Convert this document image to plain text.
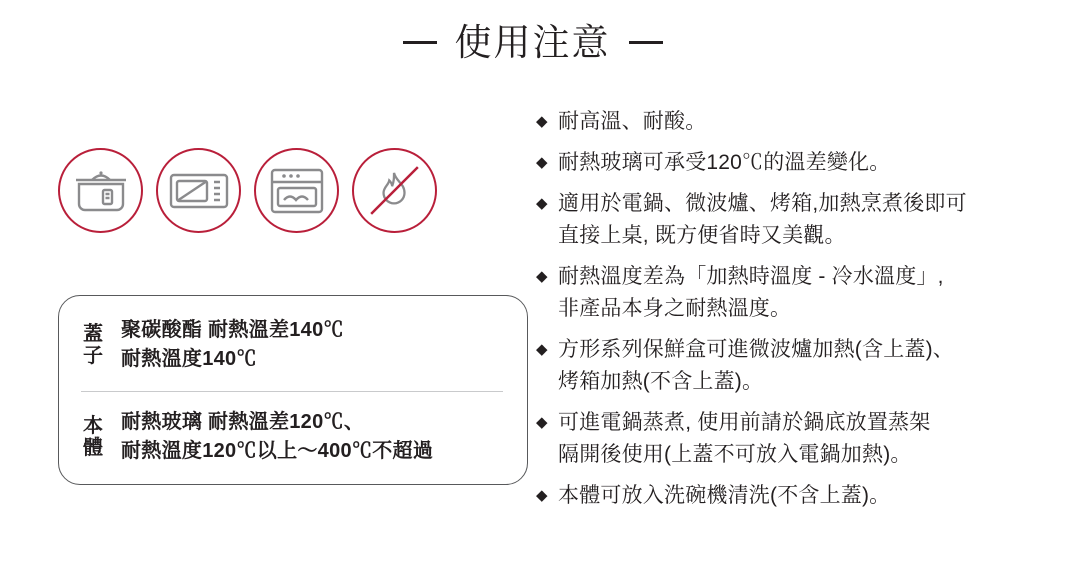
使用注意
蓋子
聚碳酸酯 耐熱溫差140℃
耐熱溫度140℃
本體
耐熱玻璃 耐熱溫差120℃、
耐熱溫度120℃以上～400℃不超過
◆ 耐高溫、耐酸。
◆ 耐熱玻璃可承受120℃的溫差變化。
◆ 適用於電鍋、微波爐、烤箱,加熱烹煮後即可
直接上桌, 既方便省時又美觀。
◆ 耐熱溫度差為「加熱時溫度 - 冷水溫度」,
非產品本身之耐熱溫度。
◆ 方形系列保鮮盒可進微波爐加熱(含上蓋)、
烤箱加熱(不含上蓋)。
◆ 可進電鍋蒸煮, 使用前請於鍋底放置蒸架
隔開後使用(上蓋不可放入電鍋加熱)。
◆ 本體可放入洗碗機清洗(不含上蓋)。
